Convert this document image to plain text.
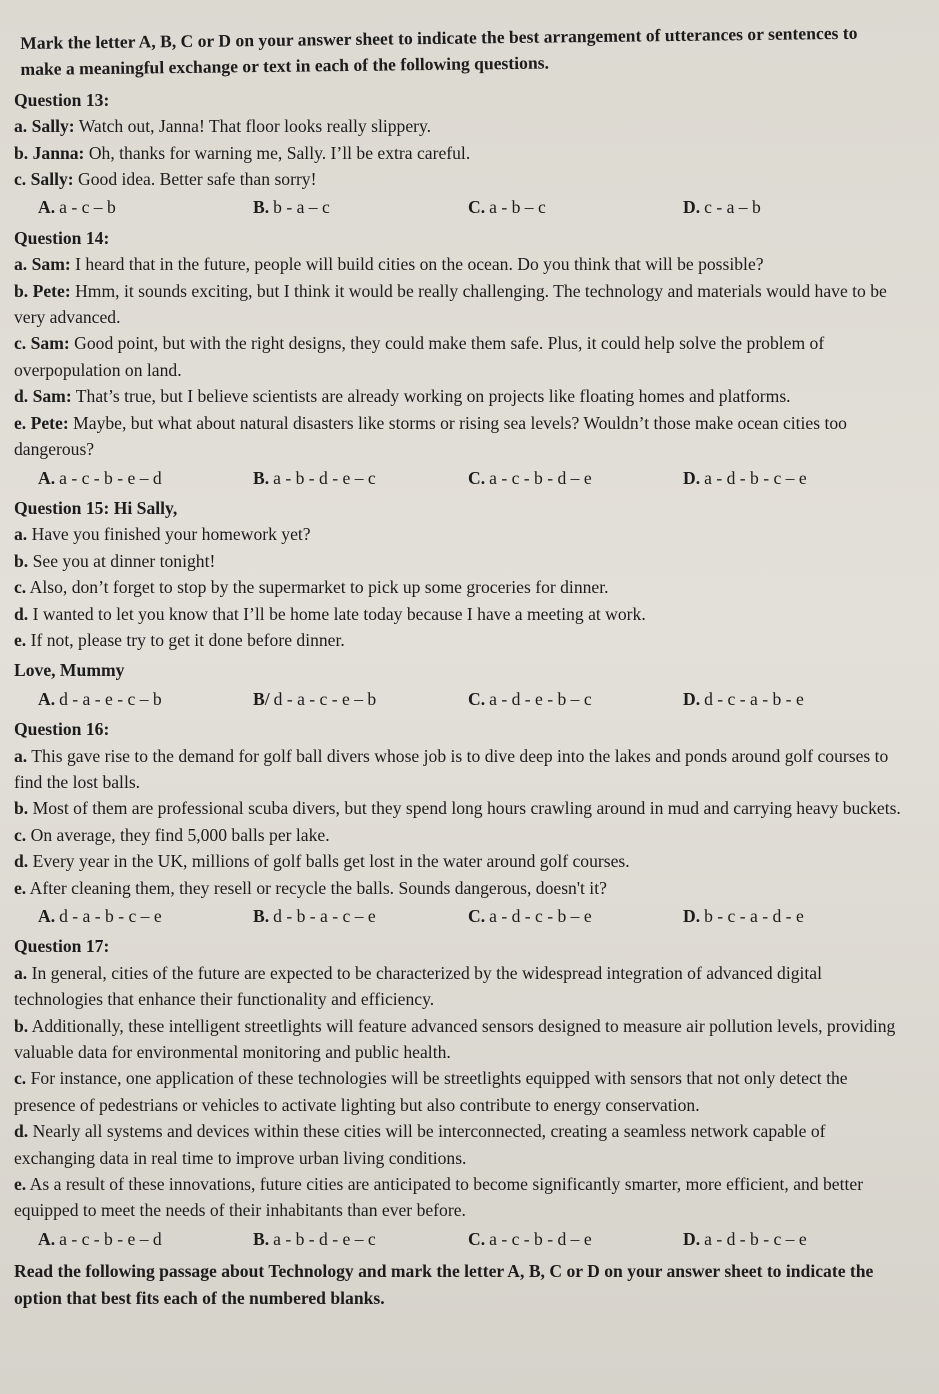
Mark the letter A, B, C or D on your answer sheet to indicate the best arrangement of utterances or sentences to make a meaningful exchange or text in each of the following questions.
Question 13:

a. Sally: Watch out, Janna! That floor looks really slippery.

b. Janna: Oh, thanks for warning me, Sally. I’ll be extra careful.

c. Sally: Good idea. Better safe than sorry!

A. a - c – b	B. b - a – c	C. a - b – c	D. c - a – b
Question 14:

a. Sam: I heard that in the future, people will build cities on the ocean. Do you think that will be possible?

b. Pete: Hmm, it sounds exciting, but I think it would be really challenging. The technology and materials would have to be very advanced.

c. Sam: Good point, but with the right designs, they could make them safe. Plus, it could help solve the problem of overpopulation on land.

d. Sam: That’s true, but I believe scientists are already working on projects like floating homes and platforms.

e. Pete: Maybe, but what about natural disasters like storms or rising sea levels? Wouldn’t those make ocean cities too dangerous?

A. a - c - b - e – d	B. a - b - d - e – c	C. a - c - b - d – e	D. a - d - b - c – e
Question 15: Hi Sally,

a. Have you finished your homework yet?

b. See you at dinner tonight!

c. Also, don’t forget to stop by the supermarket to pick up some groceries for dinner.

d. I wanted to let you know that I’ll be home late today because I have a meeting at work.

e. If not, please try to get it done before dinner.

Love, Mummy
A. d - a - e - c – b	B/ d - a - c - e – b	C. a - d - e - b – c	D. d - c - a - b - e
Question 16:

a. This gave rise to the demand for golf ball divers whose job is to dive deep into the lakes and ponds around golf courses to find the lost balls.

b. Most of them are professional scuba divers, but they spend long hours crawling around in mud and carrying heavy buckets.

c. On average, they find 5,000 balls per lake.

d. Every year in the UK, millions of golf balls get lost in the water around golf courses.

e. After cleaning them, they resell or recycle the balls. Sounds dangerous, doesn't it?

A. d - a - b - c – e	B. d - b - a - c – e	C. a - d - c - b – e	D. b - c - a - d - e
Question 17:

a. In general, cities of the future are expected to be characterized by the widespread integration of advanced digital technologies that enhance their functionality and efficiency.

b. Additionally, these intelligent streetlights will feature advanced sensors designed to measure air pollution levels, providing valuable data for environmental monitoring and public health.

c. For instance, one application of these technologies will be streetlights equipped with sensors that not only detect the presence of pedestrians or vehicles to activate lighting but also contribute to energy conservation.

d. Nearly all systems and devices within these cities will be interconnected, creating a seamless network capable of exchanging data in real time to improve urban living conditions.

e. As a result of these innovations, future cities are anticipated to become significantly smarter, more efficient, and better equipped to meet the needs of their inhabitants than ever before.

A. a - c - b - e – d	B. a - b - d - e – c	C. a - c - b - d – e	D. a - d - b - c – e
Read the following passage about Technology and mark the letter A, B, C or D on your answer sheet to indicate the option that best fits each of the numbered blanks.
